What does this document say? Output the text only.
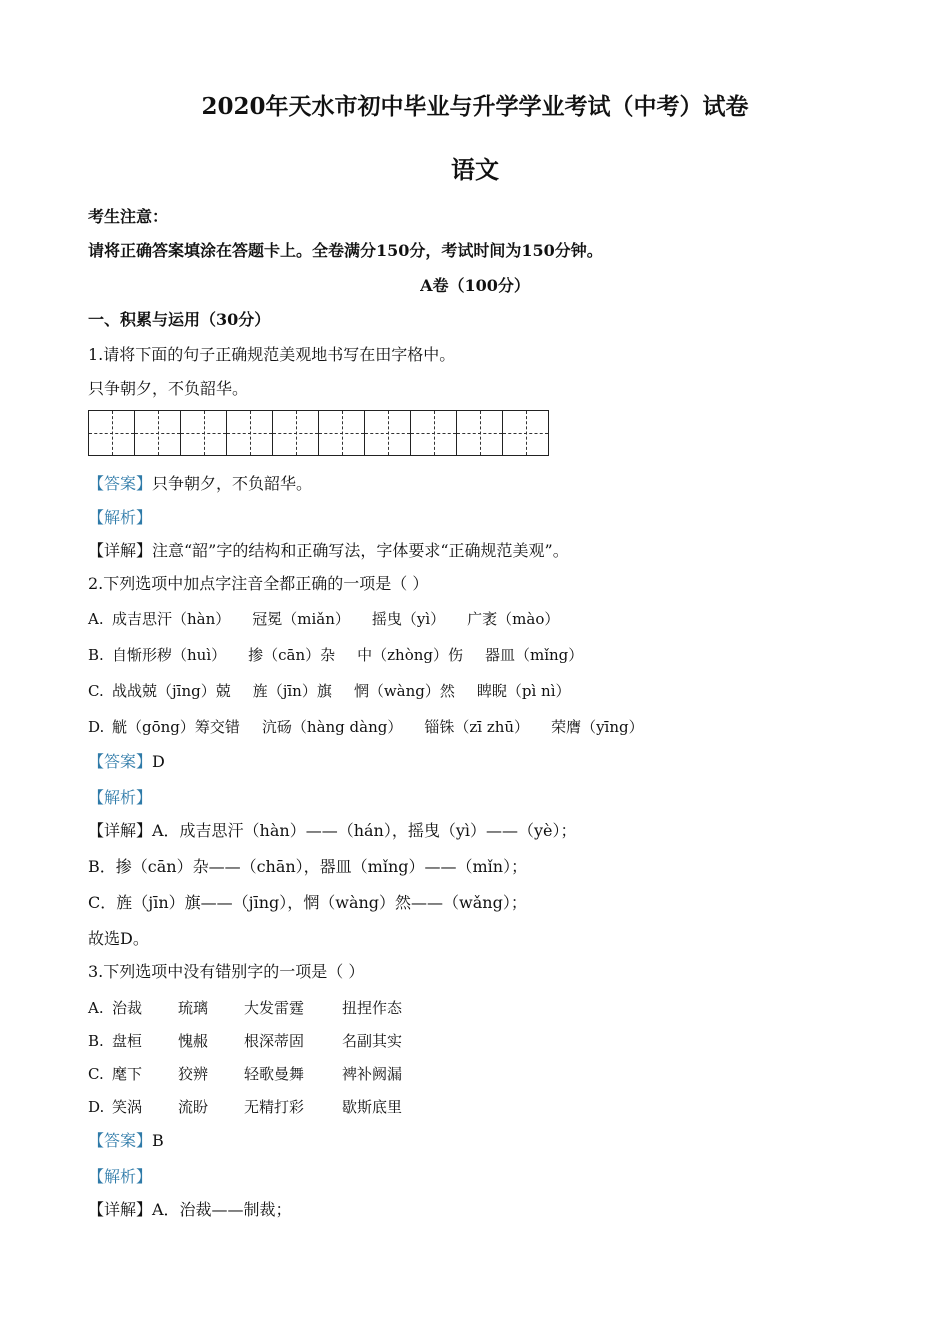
2020年天水市初中毕业与升学学业考试（中考）试卷
语文
考生注意：
请将正确答案填涂在答题卡上。全卷满分150分，考试时间为150分钟。
A卷（100分）
一、积累与运用（30分）
1.请将下面的句子正确规范美观地书写在田字格中。
只争朝夕，不负韶华。
【答案】只争朝夕，不负韶华。
【解析】
【详解】注意“韶”字的结构和正确写法，字体要求“正确规范美观”。
2.下列选项中加点字注音全都正确的一项是（ ）
A. 成吉思汗（hàn） 冠冕（miǎn） 摇曳（yì） 广袤（mào）
B. 自惭形秽（huì） 掺（cān）杂 中（zhòng）伤 器皿（mǐng）
C. 战战兢（jīng）兢 旌（jīn）旗 惘（wàng）然 睥睨（pì nì）
D. 觥（gōng）筹交错 沆砀（hàng dàng） 锱铢（zī zhū） 荣膺（yīng）
【答案】D
【解析】
【详解】A．成吉思汗（hàn）——（hán），摇曳（yì）——（yè）；
B．掺（cān）杂——（chān），器皿（mǐng）——（mǐn）；
C．旌（jīn）旗——（jīng），惘（wàng）然——（wǎng）；
故选D。
3.下列选项中没有错别字的一项是（ ）
A. 治裁 琉璃 大发雷霆	扭捏作态
B. 盘桓 愧赧 根深蒂固	名副其实
C. 麾下 狡辨 轻歌曼舞	裨补阙漏
D. 笑涡 流盼 无精打彩	歇斯底里
【答案】B
【解析】
【详解】A．治裁——制裁；
